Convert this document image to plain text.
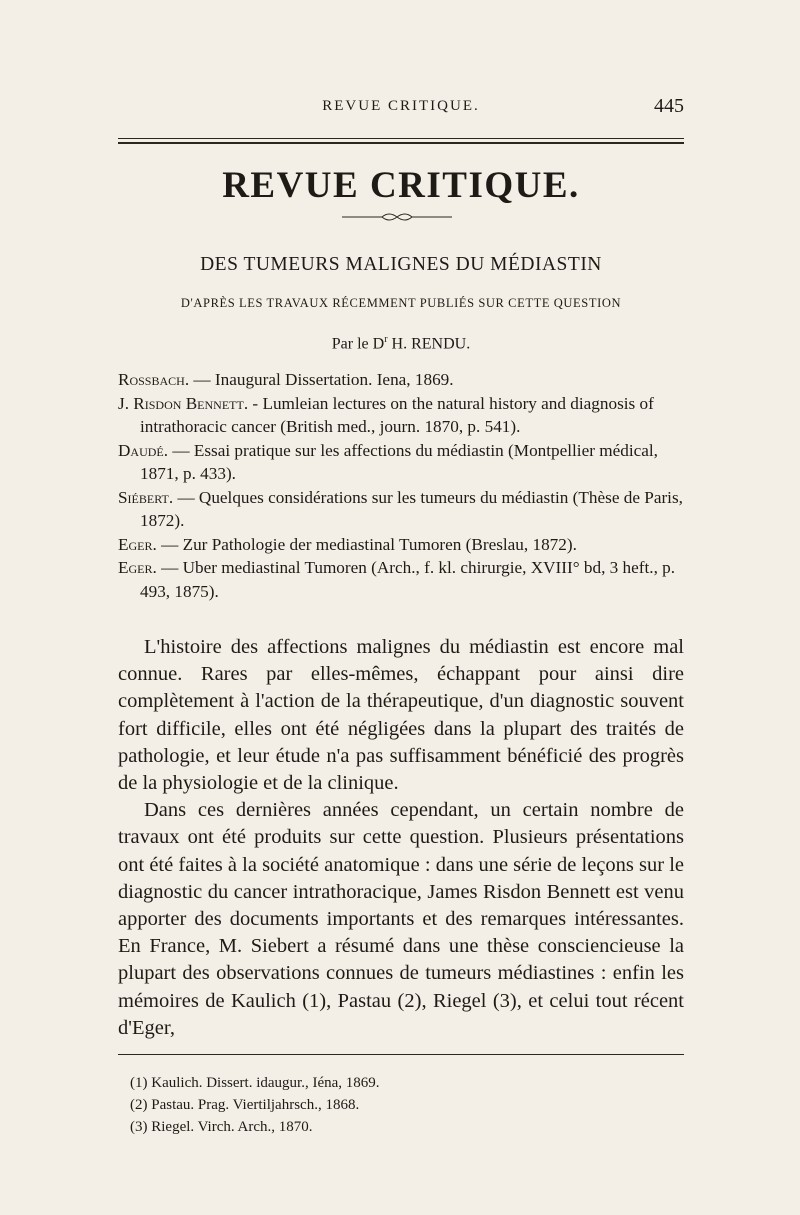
REVUE CRITIQUE.	445
REVUE CRITIQUE.
DES TUMEURS MALIGNES DU MÉDIASTIN
D'APRÈS LES TRAVAUX RÉCEMMENT PUBLIÉS SUR CETTE QUESTION
Par le $D^r$ H. RENDU.
Rossbach. — Inaugural Dissertation. Iena, 1869.
J. Risdon Bennett. - Lumleian lectures on the natural history and diagnosis of intrathoracic cancer (British med., journ. 1870, p. 541).
Daudé. — Essai pratique sur les affections du médiastin (Montpellier médical, 1871, p. 433).
Siébert. — Quelques considérations sur les tumeurs du médiastin (Thèse de Paris, 1872).
Eger. — Zur Pathologie der mediastinal Tumoren (Breslau, 1872).
Eger. — Uber mediastinal Tumoren (Arch., f. kl. chirurgie, XVIII° bd, 3 heft., p. 493, 1875).

L'histoire des affections malignes du médiastin est encore mal connue. Rares par elles-mêmes, échappant pour ainsi dire complètement à l'action de la thérapeutique, d'un diagnostic souvent fort difficile, elles ont été négligées dans la plupart des traités de pathologie, et leur étude n'a pas suffisamment bénéficié des progrès de la physiologie et de la clinique.

Dans ces dernières années cependant, un certain nombre de travaux ont été produits sur cette question. Plusieurs présentations ont été faites à la société anatomique : dans une série de leçons sur le diagnostic du cancer intrathoracique, James Risdon Bennett est venu apporter des documents importants et des remarques intéressantes. En France, M. Siebert a résumé dans une thèse consciencieuse la plupart des observations connues de tumeurs médiastines : enfin les mémoires de Kaulich (1), Pastau (2), Riegel (3), et celui tout récent d'Eger,

(1) Kaulich. Dissert. idaugur., Iéna, 1869.
(2) Pastau. Prag. Viertiljahrsch., 1868.
(3) Riegel. Virch. Arch., 1870.
